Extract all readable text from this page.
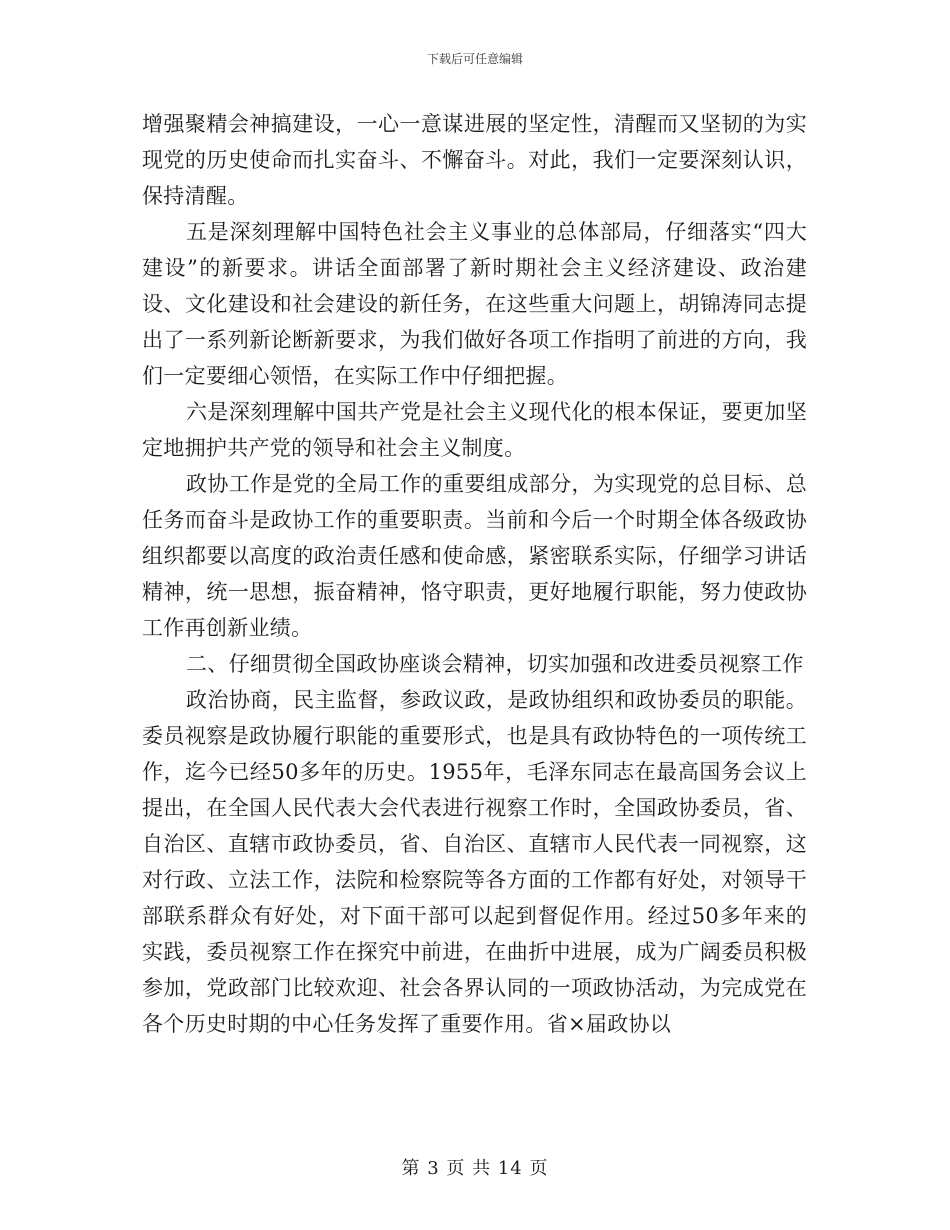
下载后可任意编辑

增强聚精会神搞建设，一心一意谋进展的坚定性，清醒而又坚韧的为实现党的历史使命而扎实奋斗、不懈奋斗。对此，我们一定要深刻认识，保持清醒。

五是深刻理解中国特色社会主义事业的总体部局，仔细落实“四大建设”的新要求。讲话全面部署了新时期社会主义经济建设、政治建设、文化建设和社会建设的新任务，在这些重大问题上，胡锦涛同志提出了一系列新论断新要求，为我们做好各项工作指明了前进的方向，我们一定要细心领悟，在实际工作中仔细把握。

六是深刻理解中国共产党是社会主义现代化的根本保证，要更加坚定地拥护共产党的领导和社会主义制度。

政协工作是党的全局工作的重要组成部分，为实现党的总目标、总任务而奋斗是政协工作的重要职责。当前和今后一个时期全体各级政协组织都要以高度的政治责任感和使命感，紧密联系实际，仔细学习讲话精神，统一思想，振奋精神，恪守职责，更好地履行职能，努力使政协工作再创新业绩。

二、仔细贯彻全国政协座谈会精神，切实加强和改进委员视察工作

政治协商，民主监督，参政议政，是政协组织和政协委员的职能。委员视察是政协履行职能的重要形式，也是具有政协特色的一项传统工作，迄今已经50多年的历史。1955年，毛泽东同志在最高国务会议上提出，在全国人民代表大会代表进行视察工作时，全国政协委员，省、自治区、直辖市政协委员，省、自治区、直辖市人民代表一同视察，这对行政、立法工作，法院和检察院等各方面的工作都有好处，对领导干部联系群众有好处，对下面干部可以起到督促作用。经过50多年来的实践，委员视察工作在探究中前进，在曲折中进展，成为广阔委员积极参加，党政部门比较欢迎、社会各界认同的一项政协活动，为完成党在各个历史时期的中心任务发挥了重要作用。省×届政协以

第 3 页 共 14 页
